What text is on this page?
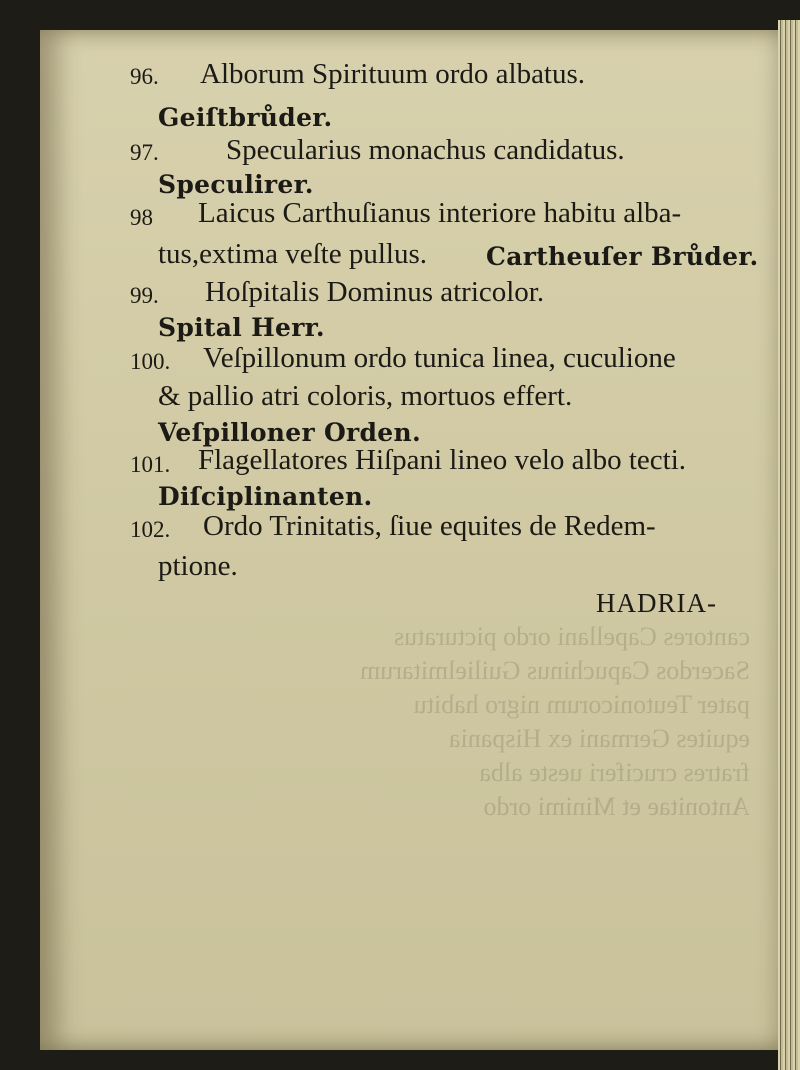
cantores Capellani ordo picturatus
Sacerdos Capuchinus Guilielmitarum
pater Teutonicorum nigro habitu
equites Germani ex Hispania
fratres cruciferi ueste alba
Antonitae et Minimi ordo
96. Alborum Spirituum ordo albatus.
Geiſtbrůder.
97. Specularius monachus candidatus.
Speculirer.
98 Laicus Carthuſianus interiore habitu alba-
tus,extima veſte pullus. Cartheuſer Brůder.
99. Hoſpitalis Dominus atricolor.
Spital Herr.
100. Veſpillonum ordo tunica linea, cuculione
& pallio atri coloris, mortuos effert.
Veſpilloner Orden.
101. Flagellatores Hiſpani lineo velo albo tecti.
Diſciplinanten.
102. Ordo Trinitatis, ſiue equites de Redem-
ptione.
HADRIA-
